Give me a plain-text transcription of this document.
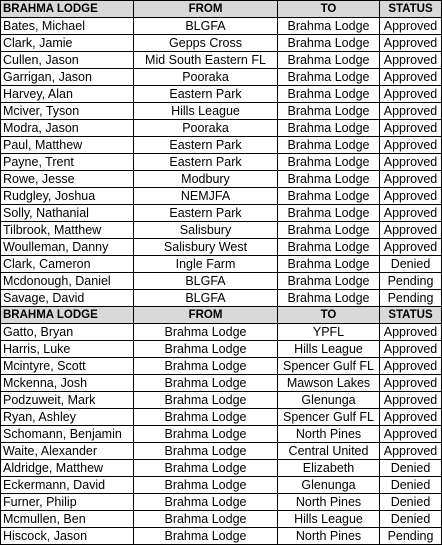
BRAHMA LODGE	FROM	TO	STATUS
Bates, Michael	BLGFA	Brahma Lodge	Approved
Clark, Jamie	Gepps Cross	Brahma Lodge	Approved
Cullen, Jason	Mid South Eastern FL	Brahma Lodge	Approved
Garrigan, Jason	Pooraka	Brahma Lodge	Approved
Harvey, Alan	Eastern Park	Brahma Lodge	Approved
Mciver, Tyson	Hills League	Brahma Lodge	Approved
Modra, Jason	Pooraka	Brahma Lodge	Approved
Paul, Matthew	Eastern Park	Brahma Lodge	Approved
Payne, Trent	Eastern Park	Brahma Lodge	Approved
Rowe, Jesse	Modbury	Brahma Lodge	Approved
Rudgley, Joshua	NEMJFA	Brahma Lodge	Approved
Solly, Nathanial	Eastern Park	Brahma Lodge	Approved
Tilbrook, Matthew	Salisbury	Brahma Lodge	Approved
Woulleman, Danny	Salisbury West	Brahma Lodge	Approved
Clark, Cameron	Ingle Farm	Brahma Lodge	Denied
Mcdonough, Daniel	BLGFA	Brahma Lodge	Pending
Savage, David	BLGFA	Brahma Lodge	Pending
BRAHMA LODGE	FROM	TO	STATUS
Gatto, Bryan	Brahma Lodge	YPFL	Approved
Harris, Luke	Brahma Lodge	Hills League	Approved
Mcintyre, Scott	Brahma Lodge	Spencer Gulf FL	Approved
Mckenna, Josh	Brahma Lodge	Mawson Lakes	Approved
Podzuweit, Mark	Brahma Lodge	Glenunga	Approved
Ryan, Ashley	Brahma Lodge	Spencer Gulf FL	Approved
Schomann, Benjamin	Brahma Lodge	North Pines	Approved
Waite, Alexander	Brahma Lodge	Central United	Approved
Aldridge, Matthew	Brahma Lodge	Elizabeth	Denied
Eckermann, David	Brahma Lodge	Glenunga	Denied
Furner, Philip	Brahma Lodge	North Pines	Denied
Mcmullen, Ben	Brahma Lodge	Hills League	Denied
Hiscock, Jason	Brahma Lodge	North Pines	Pending
